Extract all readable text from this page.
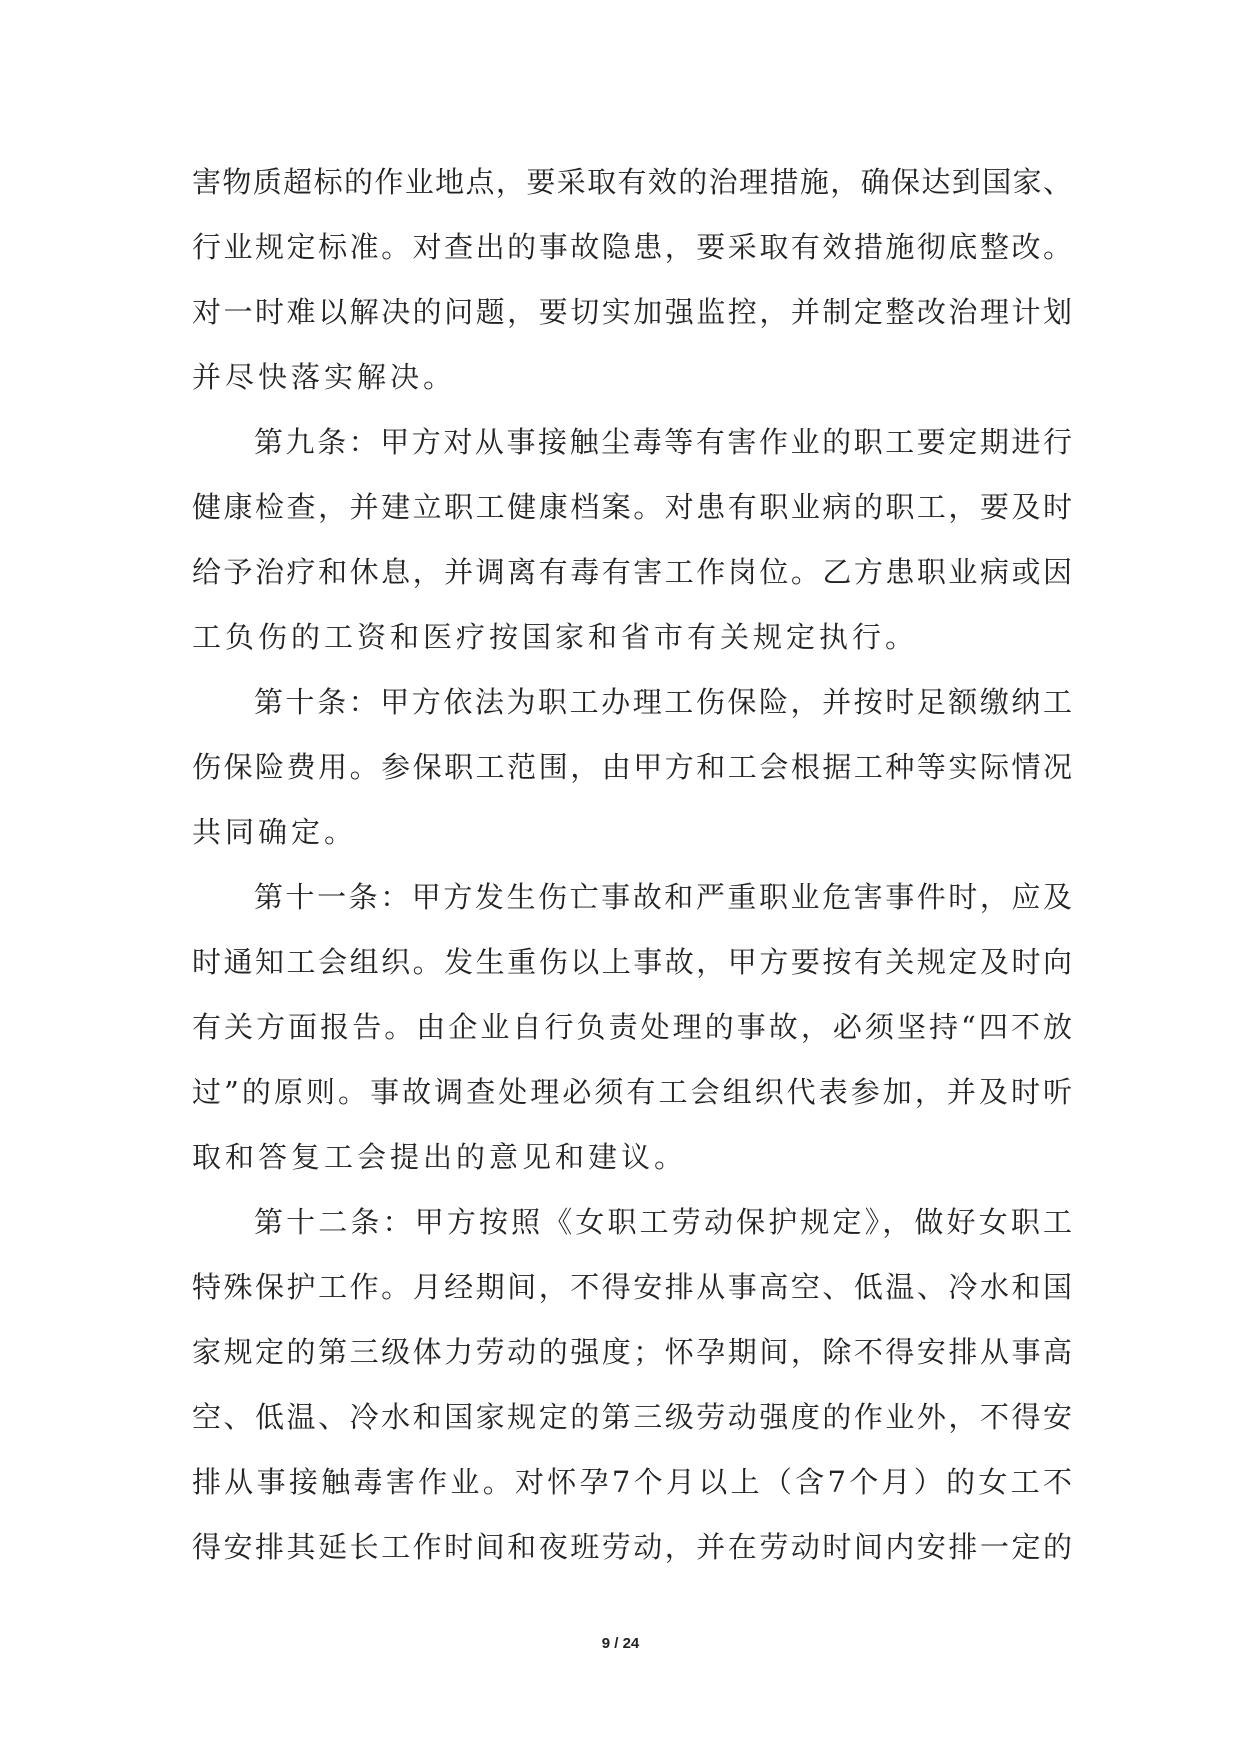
害物质超标的作业地点，要采取有效的治理措施，确保达到国家、
行业规定标准。对查出的事故隐患，要采取有效措施彻底整改。
对一时难以解决的问题，要切实加强监控，并制定整改治理计划
并尽快落实解决。
第九条：甲方对从事接触尘毒等有害作业的职工要定期进行
健康检查，并建立职工健康档案。对患有职业病的职工，要及时
给予治疗和休息，并调离有毒有害工作岗位。乙方患职业病或因
工负伤的工资和医疗按国家和省市有关规定执行。
第十条：甲方依法为职工办理工伤保险，并按时足额缴纳工
伤保险费用。参保职工范围，由甲方和工会根据工种等实际情况
共同确定。
第十一条：甲方发生伤亡事故和严重职业危害事件时，应及
时通知工会组织。发生重伤以上事故，甲方要按有关规定及时向
有关方面报告。由企业自行负责处理的事故，必须坚持“四不放
过”的原则。事故调查处理必须有工会组织代表参加，并及时听
取和答复工会提出的意见和建议。
第十二条：甲方按照《女职工劳动保护规定》，做好女职工
特殊保护工作。月经期间，不得安排从事高空、低温、冷水和国
家规定的第三级体力劳动的强度；怀孕期间，除不得安排从事高
空、低温、冷水和国家规定的第三级劳动强度的作业外，不得安
排从事接触毒害作业。对怀孕7个月以上（含7个月）的女工不
得安排其延长工作时间和夜班劳动，并在劳动时间内安排一定的
9 / 24
